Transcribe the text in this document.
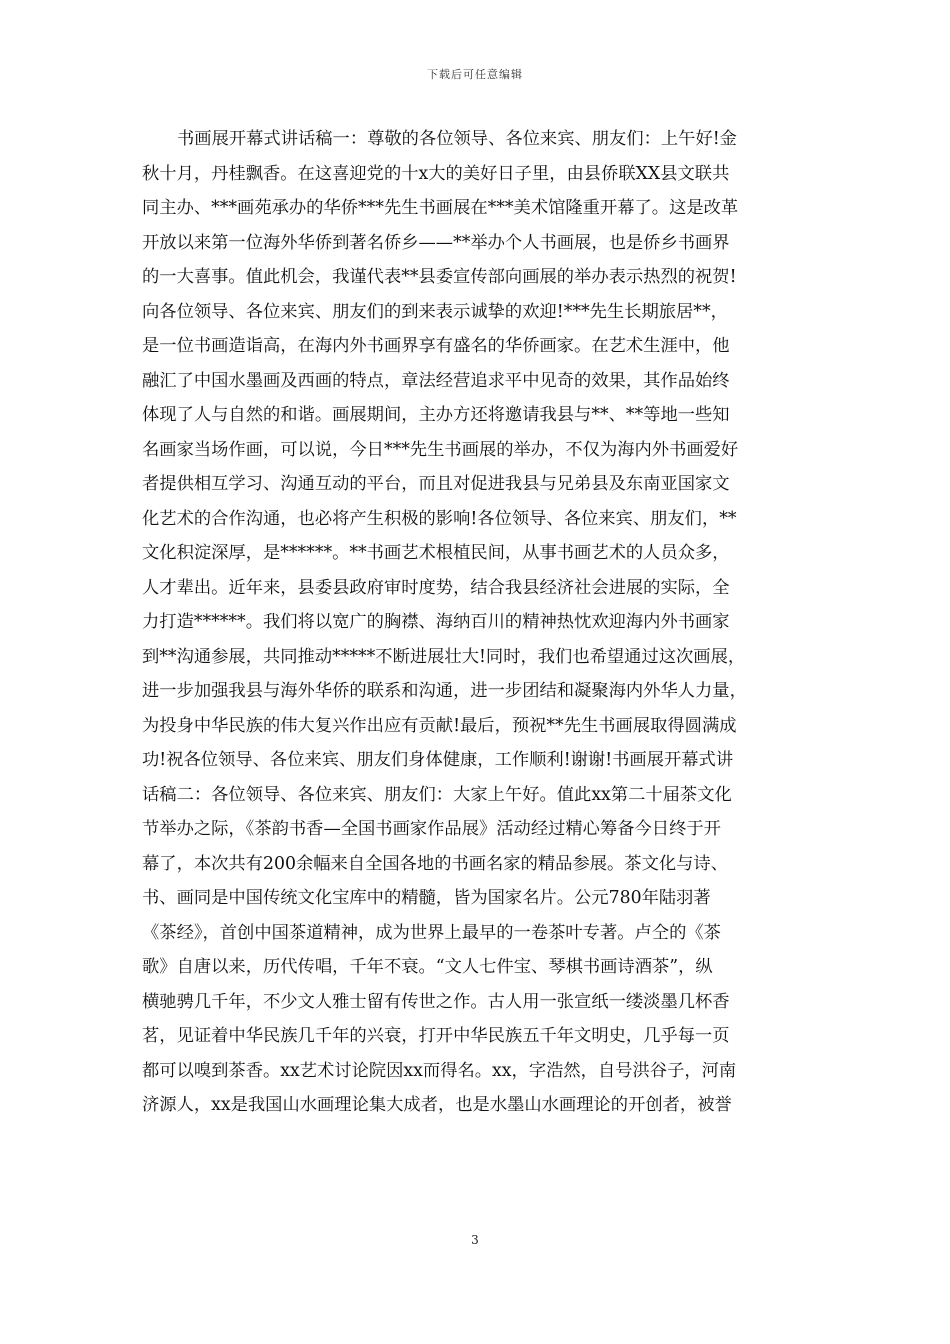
下载后可任意编辑
书画展开幕式讲话稿一：尊敬的各位领导、各位来宾、朋友们：上午好!金
秋十月，丹桂飘香。在这喜迎党的十x大的美好日子里，由县侨联XX县文联共
同主办、***画苑承办的华侨***先生书画展在***美术馆隆重开幕了。这是改革
开放以来第一位海外华侨到著名侨乡——**举办个人书画展，也是侨乡书画界
的一大喜事。值此机会，我谨代表**县委宣传部向画展的举办表示热烈的祝贺!
向各位领导、各位来宾、朋友们的到来表示诚挚的欢迎!***先生长期旅居**，
是一位书画造诣高，在海内外书画界享有盛名的华侨画家。在艺术生涯中，他
融汇了中国水墨画及西画的特点，章法经营追求平中见奇的效果，其作品始终
体现了人与自然的和谐。画展期间，主办方还将邀请我县与**、**等地一些知
名画家当场作画，可以说，今日***先生书画展的举办，不仅为海内外书画爱好
者提供相互学习、沟通互动的平台，而且对促进我县与兄弟县及东南亚国家文
化艺术的合作沟通，也必将产生积极的影响!各位领导、各位来宾、朋友们，**
文化积淀深厚，是******。**书画艺术根植民间，从事书画艺术的人员众多，
人才辈出。近年来，县委县政府审时度势，结合我县经济社会进展的实际，全
力打造******。我们将以宽广的胸襟、海纳百川的精神热忱欢迎海内外书画家
到**沟通参展，共同推动*****不断进展壮大!同时，我们也希望通过这次画展，
进一步加强我县与海外华侨的联系和沟通，进一步团结和凝聚海内外华人力量，
为投身中华民族的伟大复兴作出应有贡献!最后，预祝**先生书画展取得圆满成
功!祝各位领导、各位来宾、朋友们身体健康，工作顺利!谢谢!书画展开幕式讲
话稿二：各位领导、各位来宾、朋友们：大家上午好。值此xx第二十届茶文化
节举办之际，《茶韵书香—全国书画家作品展》活动经过精心筹备今日终于开
幕了，本次共有200余幅来自全国各地的书画名家的精品参展。茶文化与诗、
书、画同是中国传统文化宝库中的精髓，皆为国家名片。公元780年陆羽著
《茶经》，首创中国茶道精神，成为世界上最早的一卷茶叶专著。卢仝的《茶
歌》自唐以来，历代传唱，千年不衰。“文人七件宝、琴棋书画诗酒茶”，纵
横驰骋几千年，不少文人雅士留有传世之作。古人用一张宣纸一缕淡墨几杯香
茗，见证着中华民族几千年的兴衰，打开中华民族五千年文明史，几乎每一页
都可以嗅到茶香。xx艺术讨论院因xx而得名。xx，字浩然，自号洪谷子，河南
济源人，xx是我国山水画理论集大成者，也是水墨山水画理论的开创者，被誉
3
